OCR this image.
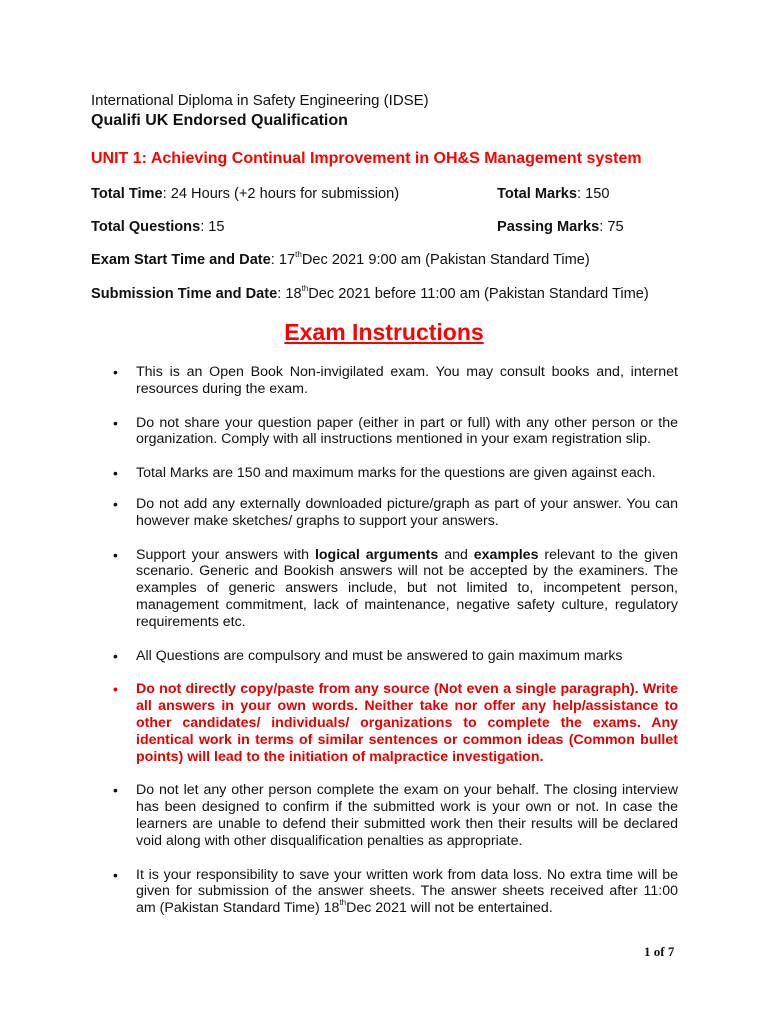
International Diploma in Safety Engineering (IDSE)
Qualifi UK Endorsed Qualification
UNIT 1: Achieving Continual Improvement in OH&S Management system
Total Time: 24 Hours (+2 hours for submission)	Total Marks: 150
Total Questions: 15	Passing Marks: 75
Exam Start Time and Date: 17thDec 2021 9:00 am (Pakistan Standard Time)
Submission Time and Date: 18thDec 2021 before 11:00 am (Pakistan Standard Time)
Exam Instructions
• This is an Open Book Non-invigilated exam. You may consult books and, internet resources during the exam.
• Do not share your question paper (either in part or full) with any other person or the organization. Comply with all instructions mentioned in your exam registration slip.
• Total Marks are 150 and maximum marks for the questions are given against each.
• Do not add any externally downloaded picture/graph as part of your answer. You can however make sketches/ graphs to support your answers.
• Support your answers with logical arguments and examples relevant to the given scenario. Generic and Bookish answers will not be accepted by the examiners. The examples of generic answers include, but not limited to, incompetent person, management commitment, lack of maintenance, negative safety culture, regulatory requirements etc.
• All Questions are compulsory and must be answered to gain maximum marks
• Do not directly copy/paste from any source (Not even a single paragraph). Write all answers in your own words. Neither take nor offer any help/assistance to other candidates/ individuals/ organizations to complete the exams. Any identical work in terms of similar sentences or common ideas (Common bullet points) will lead to the initiation of malpractice investigation.
• Do not let any other person complete the exam on your behalf. The closing interview has been designed to confirm if the submitted work is your own or not. In case the learners are unable to defend their submitted work then their results will be declared void along with other disqualification penalties as appropriate.
• It is your responsibility to save your written work from data loss. No extra time will be given for submission of the answer sheets. The answer sheets received after 11:00 am (Pakistan Standard Time) 18thDec 2021 will not be entertained.
1 of 7
